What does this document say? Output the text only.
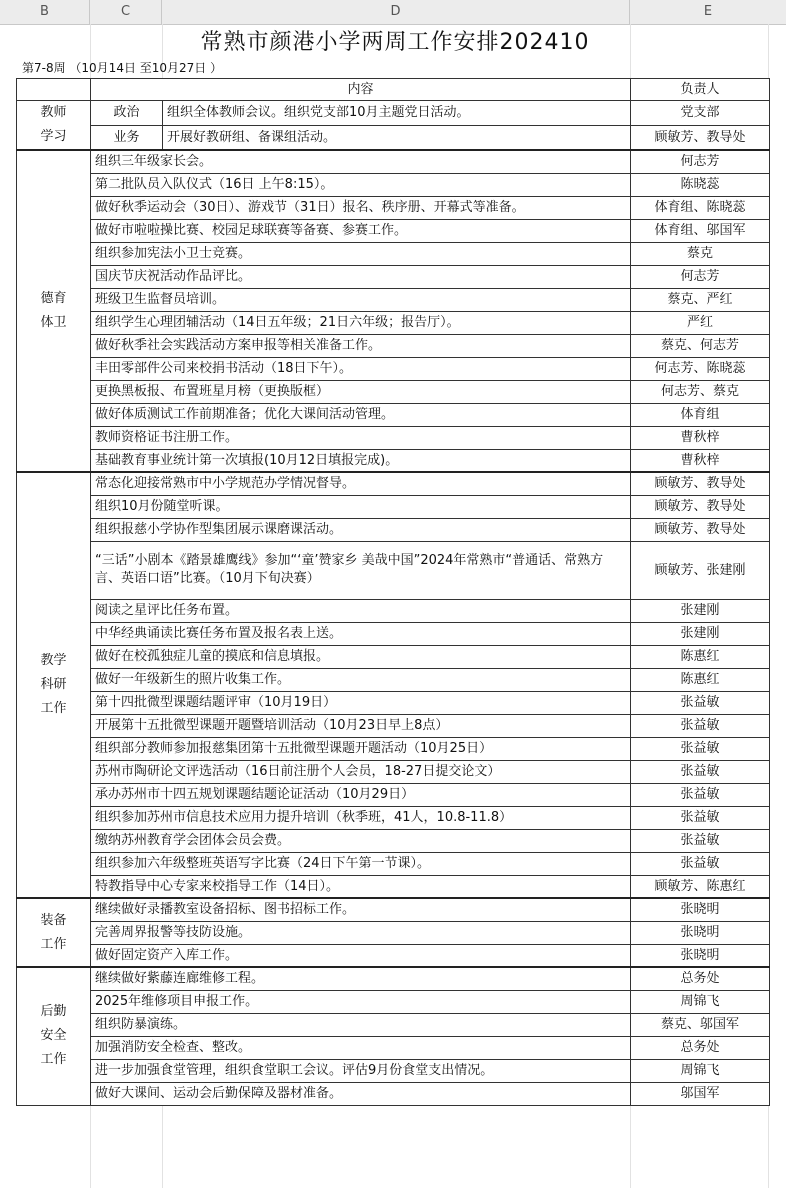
B	C	D	E
常熟市颜港小学两周工作安排202410
第7-8周 （10月14日 至10月27日 ）
	内容		负责人

教师
学习	政治	组织全体教师会议。组织党支部10月主题党日活动。	党支部
	业务	开展好教研组、备课组活动。	顾敏芳、教导处

德育
体卫	组织三年级家长会。		何志芳
	第二批队员入队仪式（16日 上午8:15）。		陈晓蕊
	做好秋季运动会（30日）、游戏节（31日）报名、秩序册、开幕式等准备。		体育组、陈晓蕊
	做好市啦啦操比赛、校园足球联赛等备赛、参赛工作。		体育组、邬国军
	组织参加宪法小卫士竞赛。		蔡克
	国庆节庆祝活动作品评比。		何志芳
	班级卫生监督员培训。		蔡克、严红
	组织学生心理团辅活动（14日五年级；21日六年级；报告厅）。		严红
	做好秋季社会实践活动方案申报等相关准备工作。		蔡克、何志芳
	丰田零部件公司来校捐书活动（18日下午）。		何志芳、陈晓蕊
	更换黑板报、布置班星月榜（更换版框）		何志芳、蔡克
	做好体质测试工作前期准备；优化大课间活动管理。		体育组
	教师资格证书注册工作。		曹秋梓
	基础教育事业统计第一次填报(10月12日填报完成)。		曹秋梓

教学
科研
工作	常态化迎接常熟市中小学规范办学情况督导。		顾敏芳、教导处
	组织10月份随堂听课。		顾敏芳、教导处
	组织报慈小学协作型集团展示课磨课活动。		顾敏芳、教导处
	“三话”小剧本《踏景雄鹰线》参加“‘童’赞家乡 美哉中国”2024年常熟市“普通话、常熟方言、英语口语”比赛。（10月下旬决赛）		顾敏芳、张建刚
	阅读之星评比任务布置。		张建刚
	中华经典诵读比赛任务布置及报名表上送。		张建刚
	做好在校孤独症儿童的摸底和信息填报。		陈惠红
	做好一年级新生的照片收集工作。		陈惠红
	第十四批微型课题结题评审（10月19日）		张益敏
	开展第十五批微型课题开题暨培训活动（10月23日早上8点）		张益敏
	组织部分教师参加报慈集团第十五批微型课题开题活动（10月25日）		张益敏
	苏州市陶研论文评选活动（16日前注册个人会员，18-27日提交论文）		张益敏
	承办苏州市十四五规划课题结题论证活动（10月29日）		张益敏
	组织参加苏州市信息技术应用力提升培训（秋季班，41人，10.8-11.8）		张益敏
	缴纳苏州教育学会团体会员会费。		张益敏
	组织参加六年级整班英语写字比赛（24日下午第一节课）。		张益敏
	特教指导中心专家来校指导工作（14日）。		顾敏芳、陈惠红

装备
工作	继续做好录播教室设备招标、图书招标工作。		张晓明
	完善周界报警等技防设施。		张晓明
	做好固定资产入库工作。		张晓明

后勤
安全
工作	继续做好紫藤连廊维修工程。		总务处
	2025年维修项目申报工作。		周锦飞
	组织防暴演练。		蔡克、邬国军
	加强消防安全检查、整改。		总务处
	进一步加强食堂管理，组织食堂职工会议。评估9月份食堂支出情况。		周锦飞
	做好大课间、运动会后勤保障及器材准备。		邬国军
